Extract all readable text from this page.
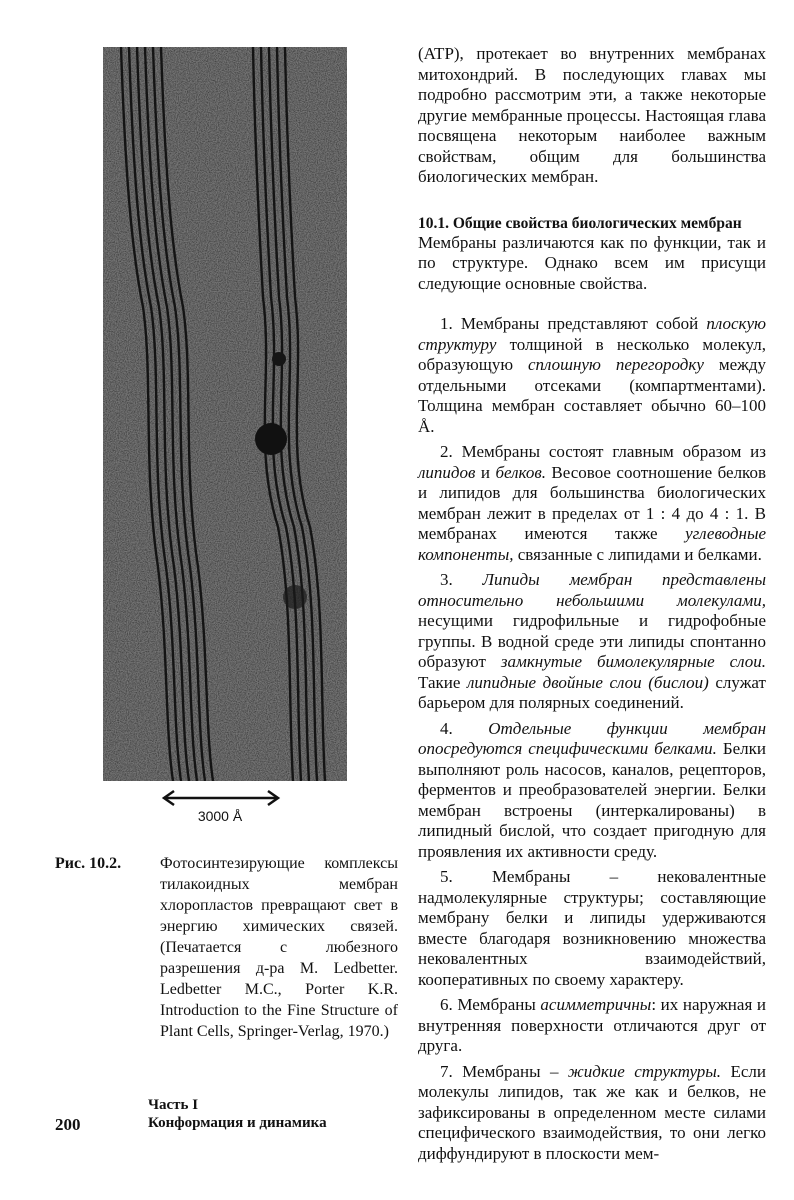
3000 Å
Рис. 10.2. Фотосинтезирующие комплексы тилакоидных мембран хлоропластов превращают свет в энергию химических связей. (Печатается с любезного разрешения д-ра M. Ledbetter. Ledbetter M.C., Porter K.R. Introduction to the Fine Structure of Plant Cells, Springer-Verlag, 1970.)
Часть I
Конформация и динамика
200

(ATP), протекает во внутренних мембранах митохондрий. В последующих главах мы подробно рассмотрим эти, а также некоторые другие мембранные процессы. Настоящая глава посвящена некоторым наиболее важным свойствам, общим для большинства биологических мембран.

10.1. Общие свойства биологических мембран

Мембраны различаются как по функции, так и по структуре. Однако всем им присущи следующие основные свойства.

1. Мембраны представляют собой плоскую структуру толщиной в несколько молекул, образующую сплошную перегородку между отдельными отсеками (компартментами). Толщина мембран составляет обычно 60–100 Å.

2. Мембраны состоят главным образом из липидов и белков. Весовое соотношение белков и липидов для большинства биологических мембран лежит в пределах от 1 : 4 до 4 : 1. В мембранах имеются также углеводные компоненты, связанные с липидами и белками.

3. Липиды мембран представлены относительно небольшими молекулами, несущими гидрофильные и гидрофобные группы. В водной среде эти липиды спонтанно образуют замкнутые бимолекулярные слои. Такие липидные двойные слои (бислои) служат барьером для полярных соединений.

4. Отдельные функции мембран опосредуются специфическими белками. Белки выполняют роль насосов, каналов, рецепторов, ферментов и преобразователей энергии. Белки мембран встроены (интеркалированы) в липидный бислой, что создает пригодную для проявления их активности среду.

5. Мембраны – нековалентные надмолекулярные структуры; составляющие мембрану белки и липиды удерживаются вместе благодаря возникновению множества нековалентных взаимодействий, кооперативных по своему характеру.

6. Мембраны асимметричны: их наружная и внутренняя поверхности отличаются друг от друга.

7. Мембраны – жидкие структуры. Если молекулы липидов, так же как и белков, не зафиксированы в определенном месте силами специфического взаимодействия, то они легко диффундируют в плоскости мем-
